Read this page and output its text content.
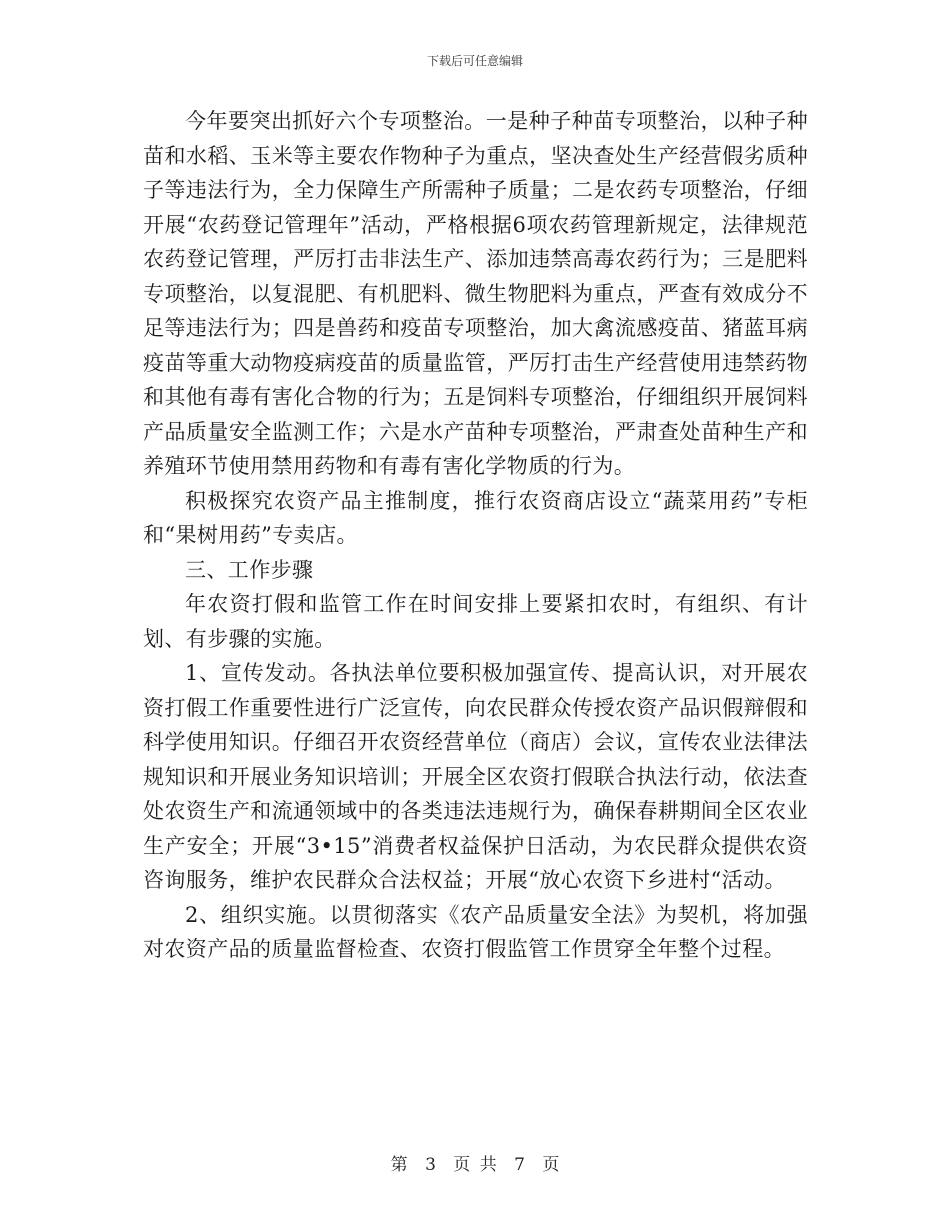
下载后可任意编辑

今年要突出抓好六个专项整治。一是种子种苗专项整治，以种子种苗和水稻、玉米等主要农作物种子为重点，坚决查处生产经营假劣质种子等违法行为，全力保障生产所需种子质量；二是农药专项整治，仔细开展“农药登记管理年”活动，严格根据6项农药管理新规定，法律规范农药登记管理，严厉打击非法生产、添加违禁高毒农药行为；三是肥料专项整治，以复混肥、有机肥料、微生物肥料为重点，严查有效成分不足等违法行为；四是兽药和疫苗专项整治，加大禽流感疫苗、猪蓝耳病疫苗等重大动物疫病疫苗的质量监管，严厉打击生产经营使用违禁药物和其他有毒有害化合物的行为；五是饲料专项整治，仔细组织开展饲料产品质量安全监测工作；六是水产苗种专项整治，严肃查处苗种生产和养殖环节使用禁用药物和有毒有害化学物质的行为。

积极探究农资产品主推制度，推行农资商店设立“蔬菜用药”专柜和“果树用药”专卖店。

三、工作步骤

年农资打假和监管工作在时间安排上要紧扣农时，有组织、有计划、有步骤的实施。

1、宣传发动。各执法单位要积极加强宣传、提高认识，对开展农资打假工作重要性进行广泛宣传，向农民群众传授农资产品识假辩假和科学使用知识。仔细召开农资经营单位（商店）会议，宣传农业法律法规知识和开展业务知识培训；开展全区农资打假联合执法行动，依法查处农资生产和流通领域中的各类违法违规行为，确保春耕期间全区农业生产安全；开展“3•15”消费者权益保护日活动，为农民群众提供农资咨询服务，维护农民群众合法权益；开展“放心农资下乡进村“活动。

2、组织实施。以贯彻落实《农产品质量安全法》为契机，将加强对农资产品的质量监督检查、农资打假监管工作贯穿全年整个过程。

第 3 页 共 7 页
